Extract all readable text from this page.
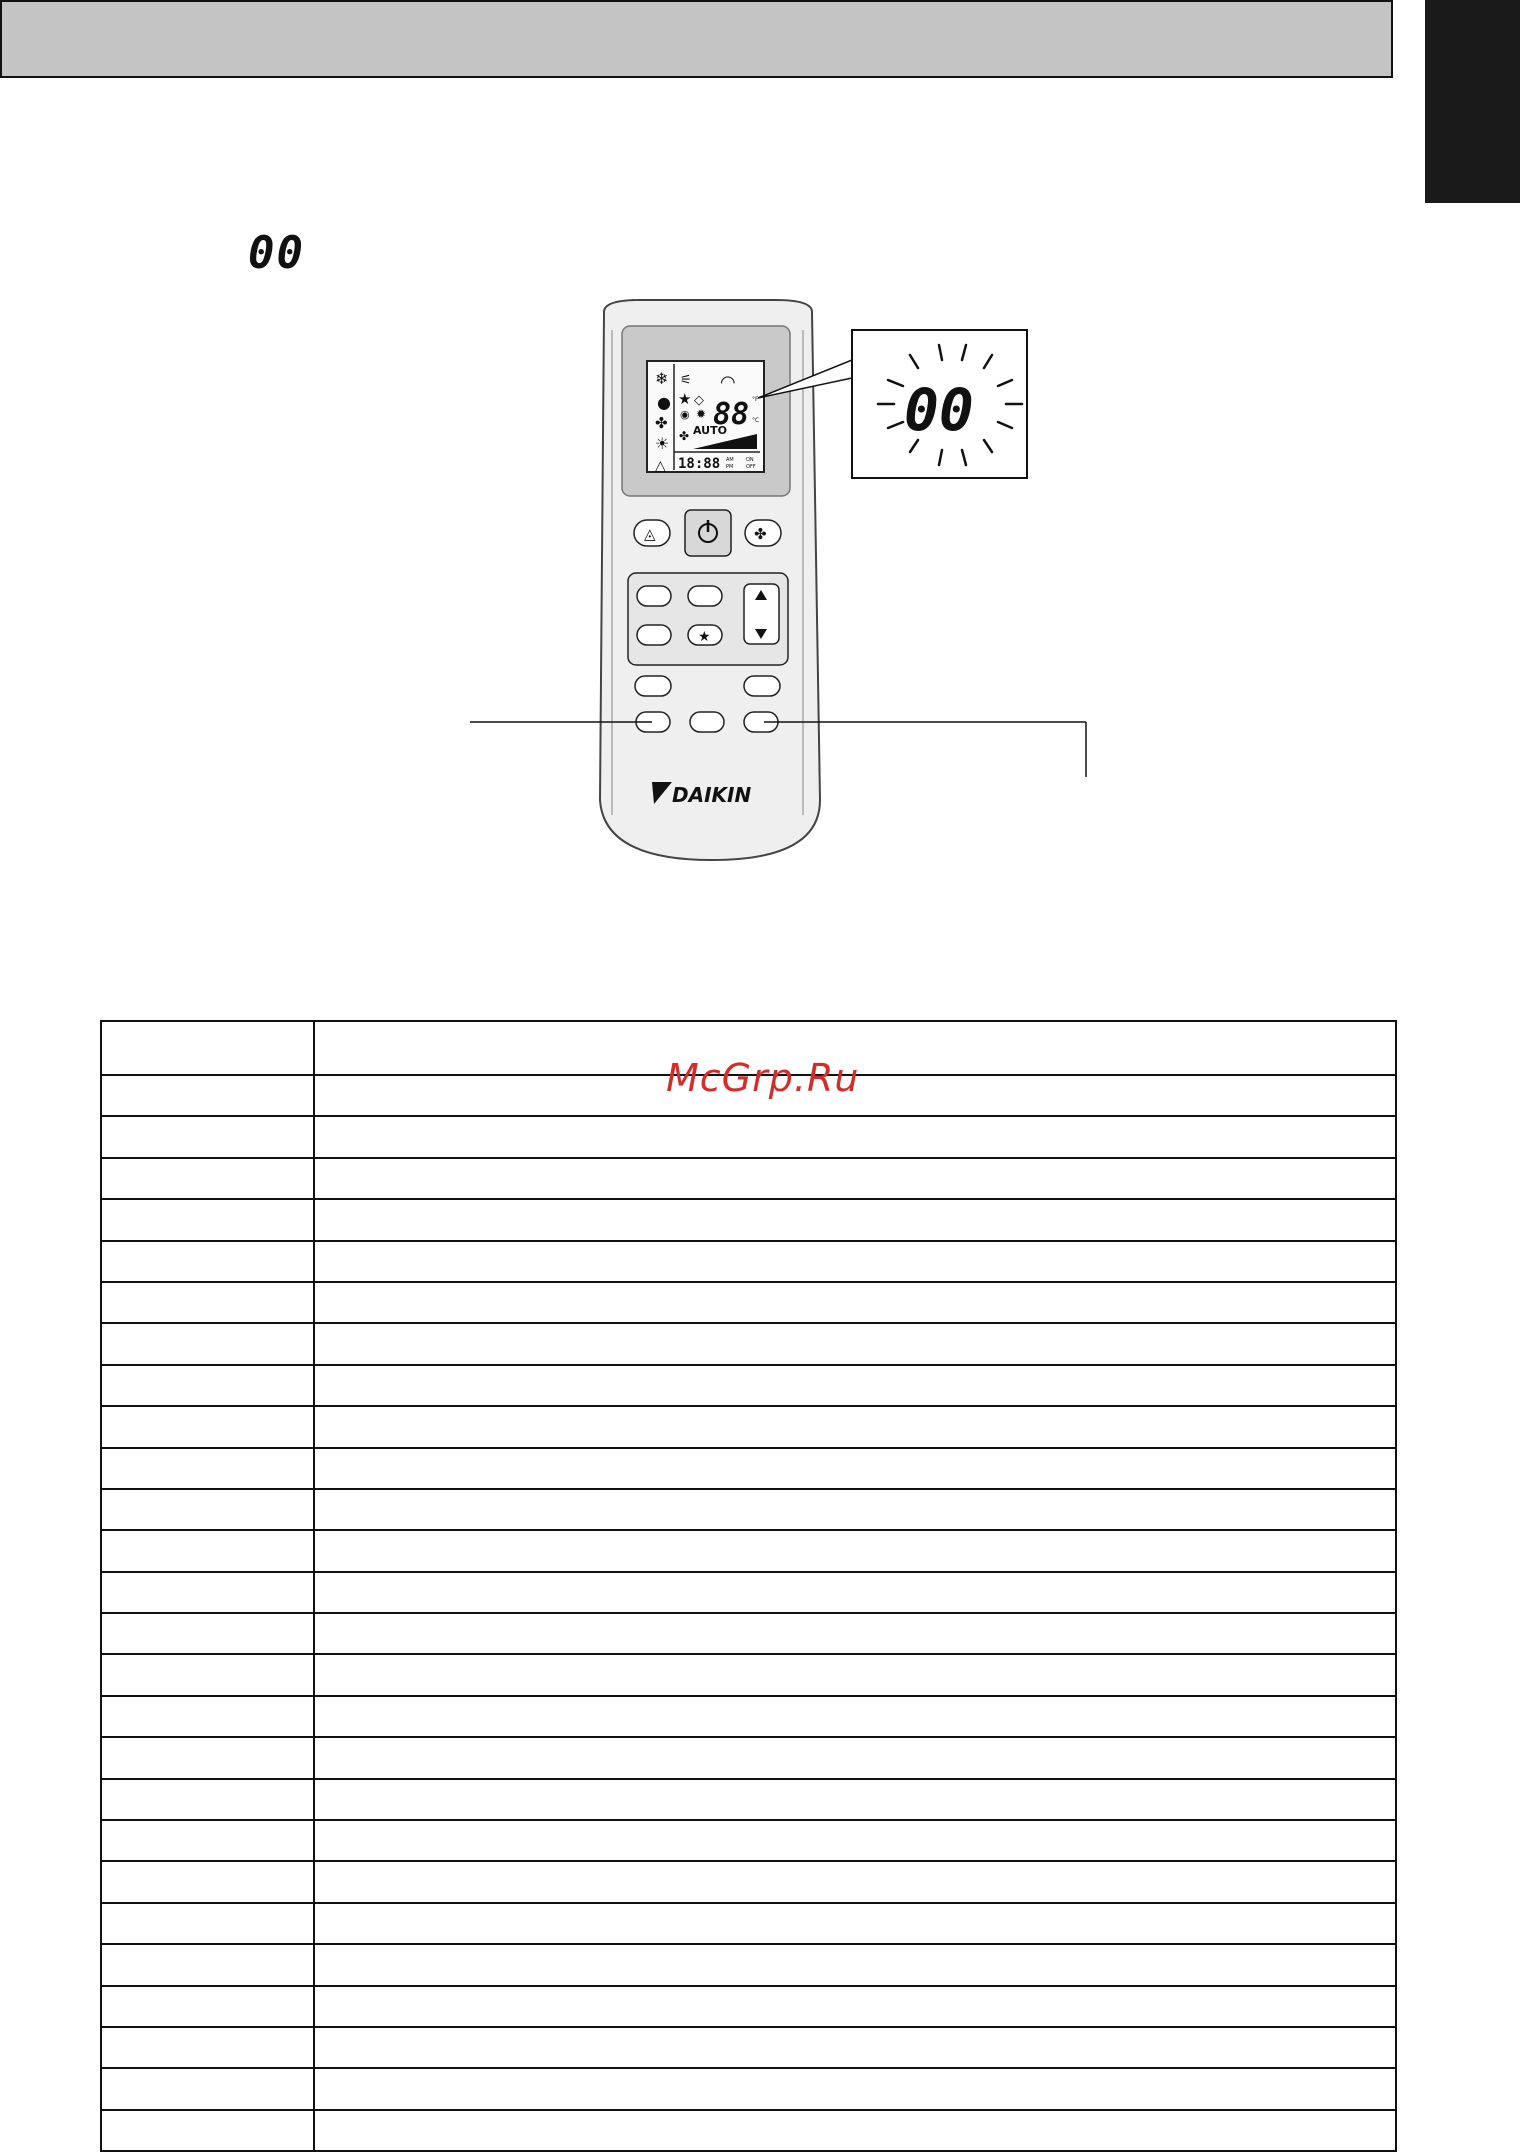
00
❄
●
✤
☀
△
⚟ ◠
★ ◇ 88 °F
°C
◉ ✹
✤ AUTO
18:88 AM
PM
ON
OFF
00
◬	✤
★
DAIKIN

McGrp.Ru
